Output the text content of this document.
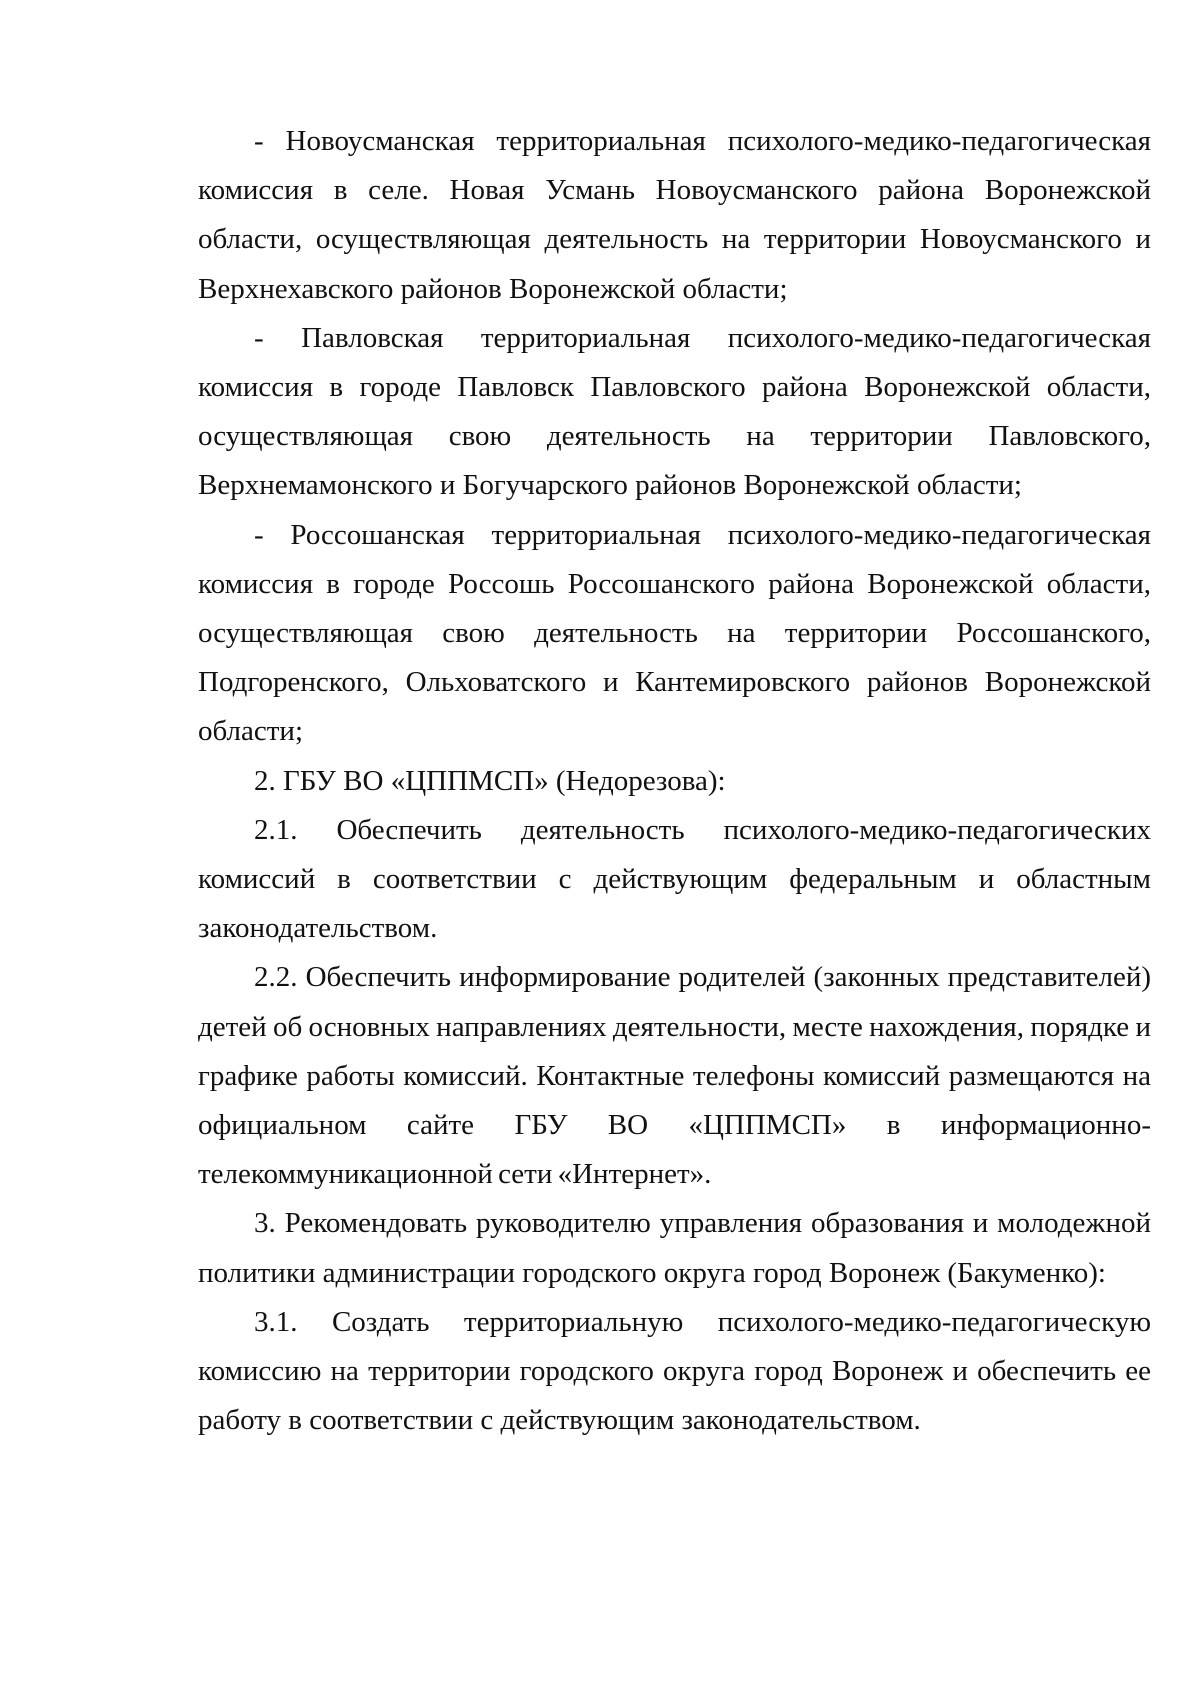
- Новоусманская территориальная психолого-медико-педагогическая комиссия в селе. Новая Усмань Новоусманского района Воронежской области, осуществляющая деятельность на территории Новоусманского и Верхнехавского районов Воронежской области;

- Павловская территориальная психолого-медико-педагогическая комиссия в городе Павловск Павловского района Воронежской области, осуществляющая свою деятельность на территории Павловского, Верхнемамонского и Богучарского районов Воронежской области;

- Россошанская территориальная психолого-медико-педагогическая комиссия в городе Россошь Россошанского района Воронежской области, осуществляющая свою деятельность на территории Россошанского, Подгоренского, Ольховатского и Кантемировского районов Воронежской области;

2. ГБУ ВО «ЦППМСП» (Недорезова):

2.1. Обеспечить деятельность психолого-медико-педагогических комиссий в соответствии с действующим федеральным и областным законодательством.

2.2. Обеспечить информирование родителей (законных представителей) детей об основных направлениях деятельности, месте нахождения, порядке и графике работы комиссий. Контактные телефоны комиссий размещаются на официальном сайте ГБУ ВО «ЦППМСП» в информационно-телекоммуникационной сети «Интернет».

3. Рекомендовать руководителю управления образования и молодежной политики администрации городского округа город Воронеж (Бакуменко):

3.1. Создать территориальную психолого-медико-педагогическую комиссию на территории городского округа город Воронеж и обеспечить ее работу в соответствии с действующим законодательством.
